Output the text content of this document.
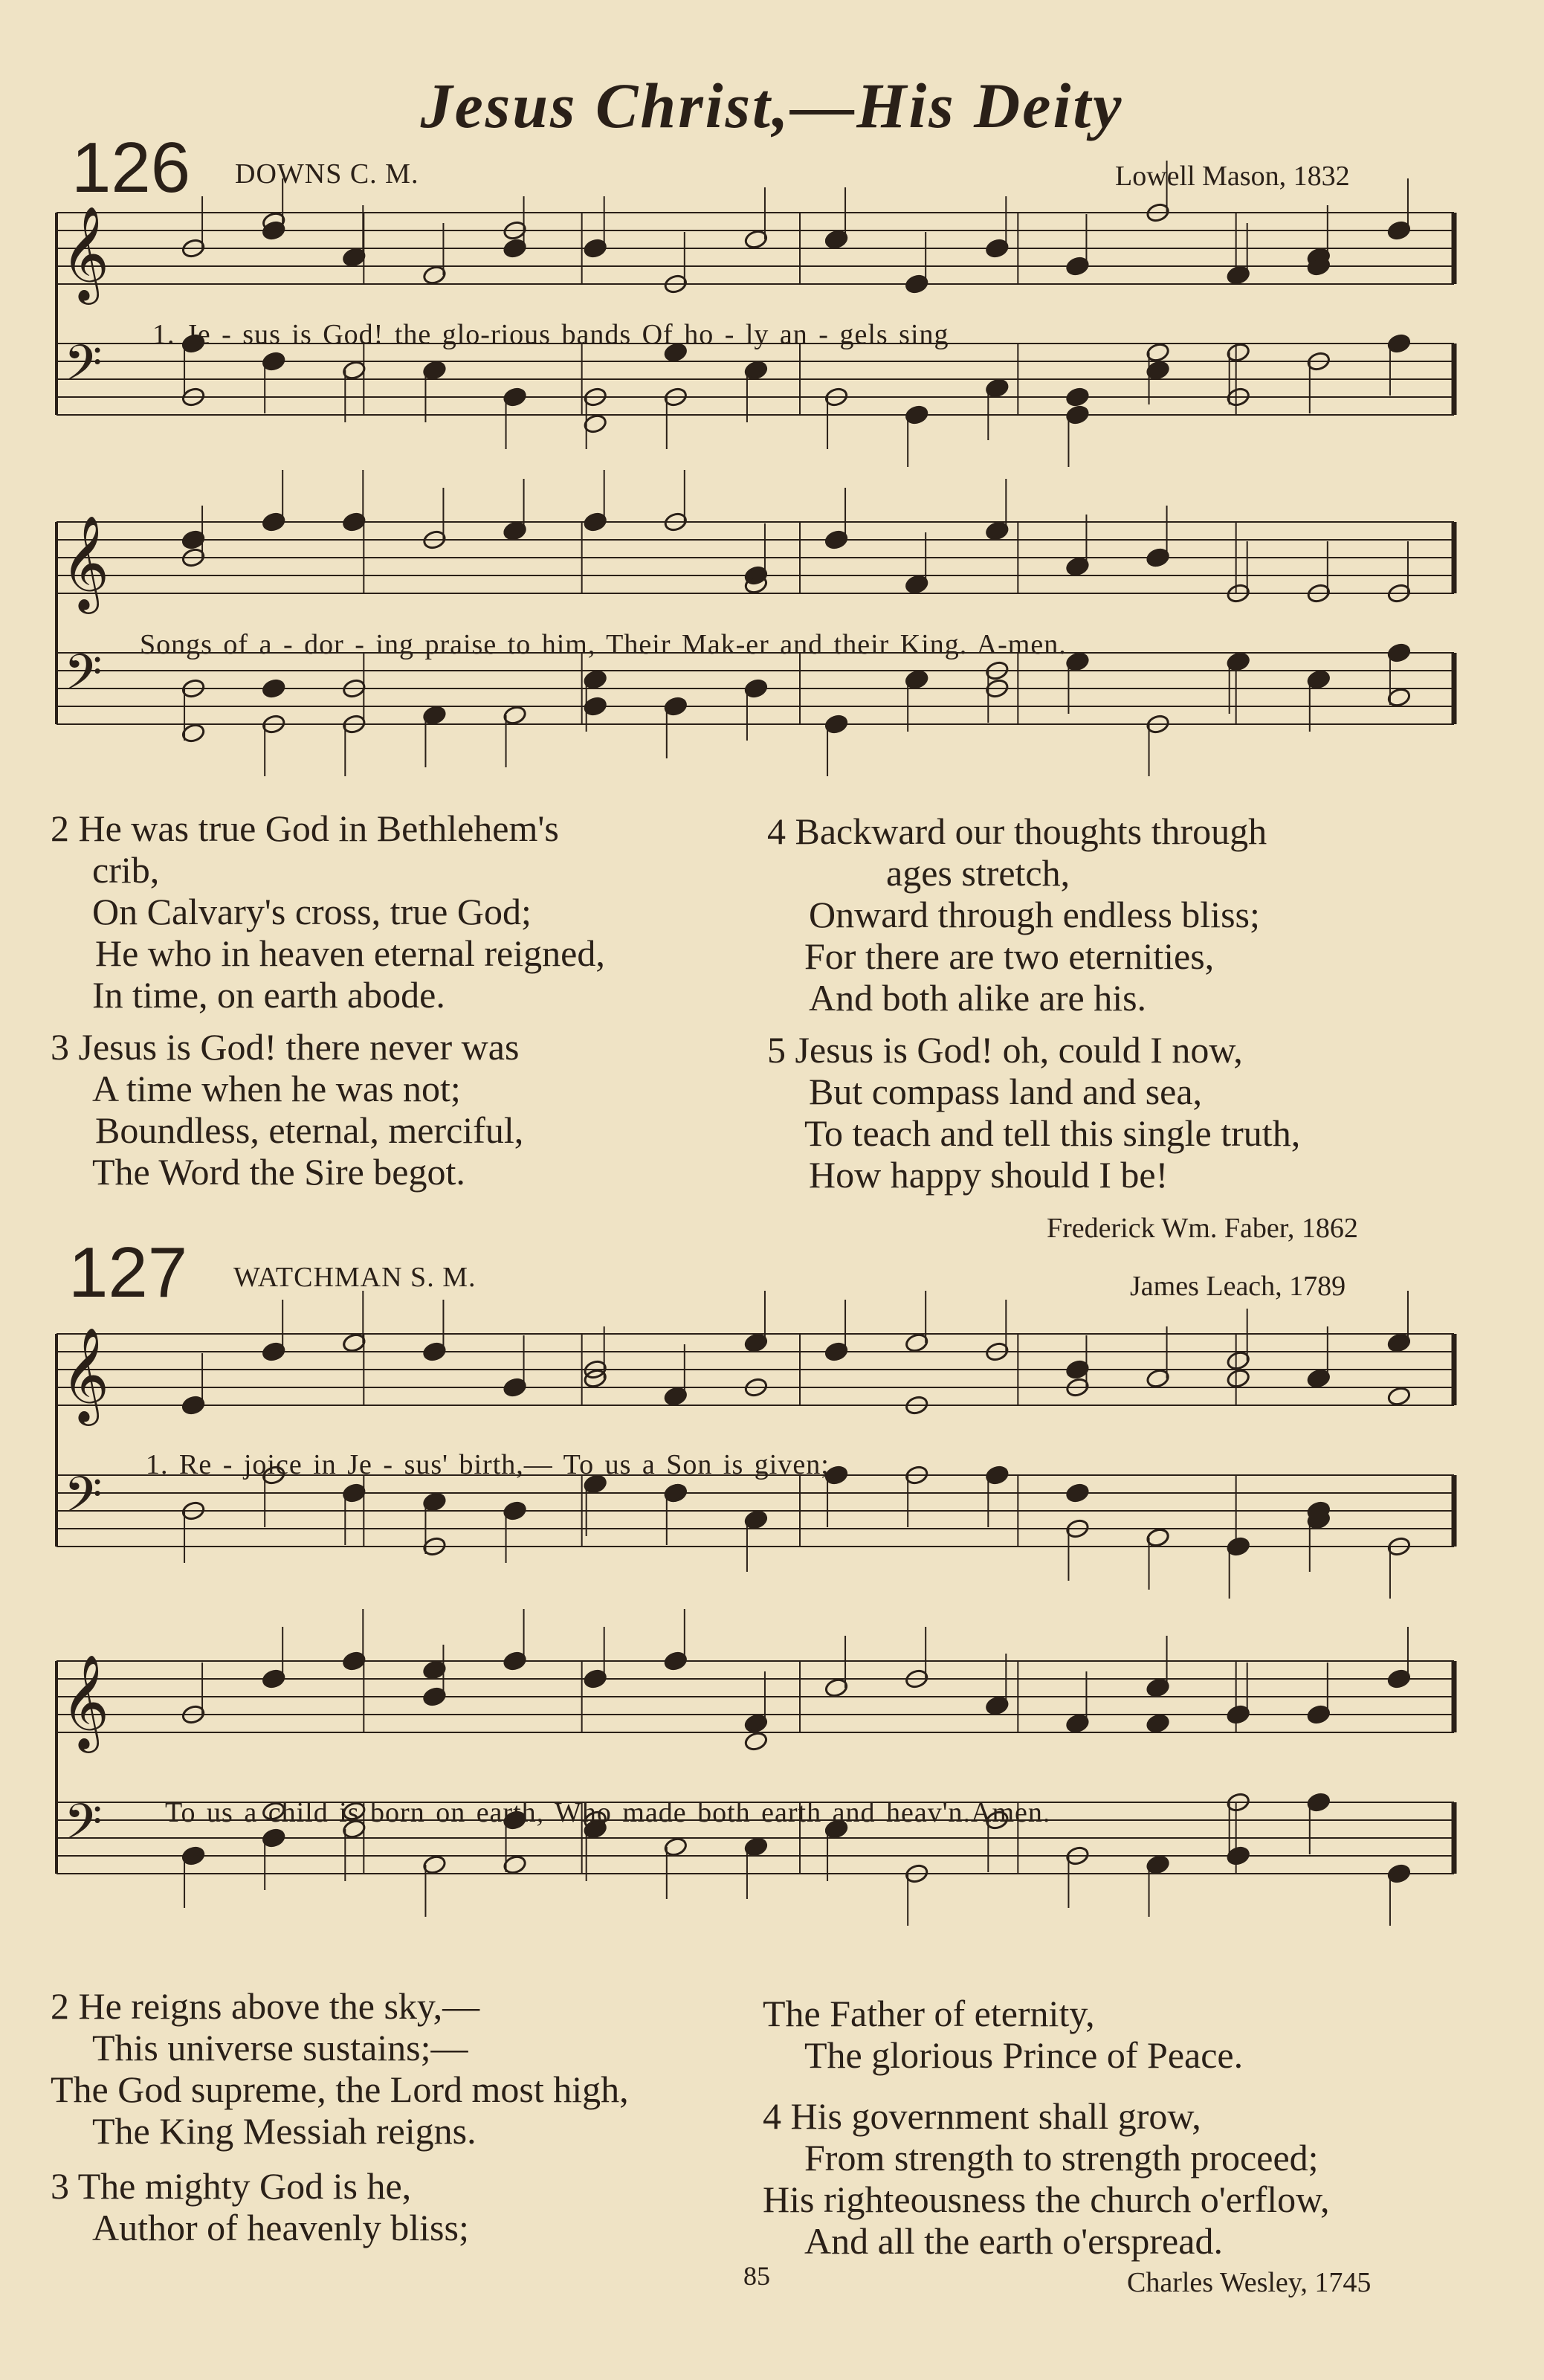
Jesus Christ,—His Deity
126 DOWNS C. M.	Lowell Mason, 1832
𝄞
𝄢 1. Je - sus is God! the glo-rious bands Of ho - ly an - gels sing
𝄞
𝄢 Songs of a - dor - ing praise to him, Their Mak-er and their King. A-men.
2 He was true God in Bethlehem's
crib,
On Calvary's cross, true God;
He who in heaven eternal reigned,
In time, on earth abode.
3 Jesus is God! there never was
A time when he was not;
Boundless, eternal, merciful,
The Word the Sire begot.
4 Backward our thoughts through
ages stretch,
Onward through endless bliss;
For there are two eternities,
And both alike are his.
5 Jesus is God! oh, could I now,
But compass land and sea,
To teach and tell this single truth,
How happy should I be!
Frederick Wm. Faber, 1862
127 WATCHMAN S. M.	James Leach, 1789
𝄞
𝄢
1. Re - joice in Je - sus' birth,— To us a Son is given;
𝄞
𝄢 To us a child is born on earth, Who made both earth and heav'n.Amen.
2 He reigns above the sky,—
This universe sustains;—
The God supreme, the Lord most high,
The King Messiah reigns.
3 The mighty God is he,
Author of heavenly bliss;
The Father of eternity,
The glorious Prince of Peace.
4 His government shall grow,
From strength to strength proceed;
His righteousness the church o'erflow,
And all the earth o'erspread.
85	Charles Wesley, 1745
